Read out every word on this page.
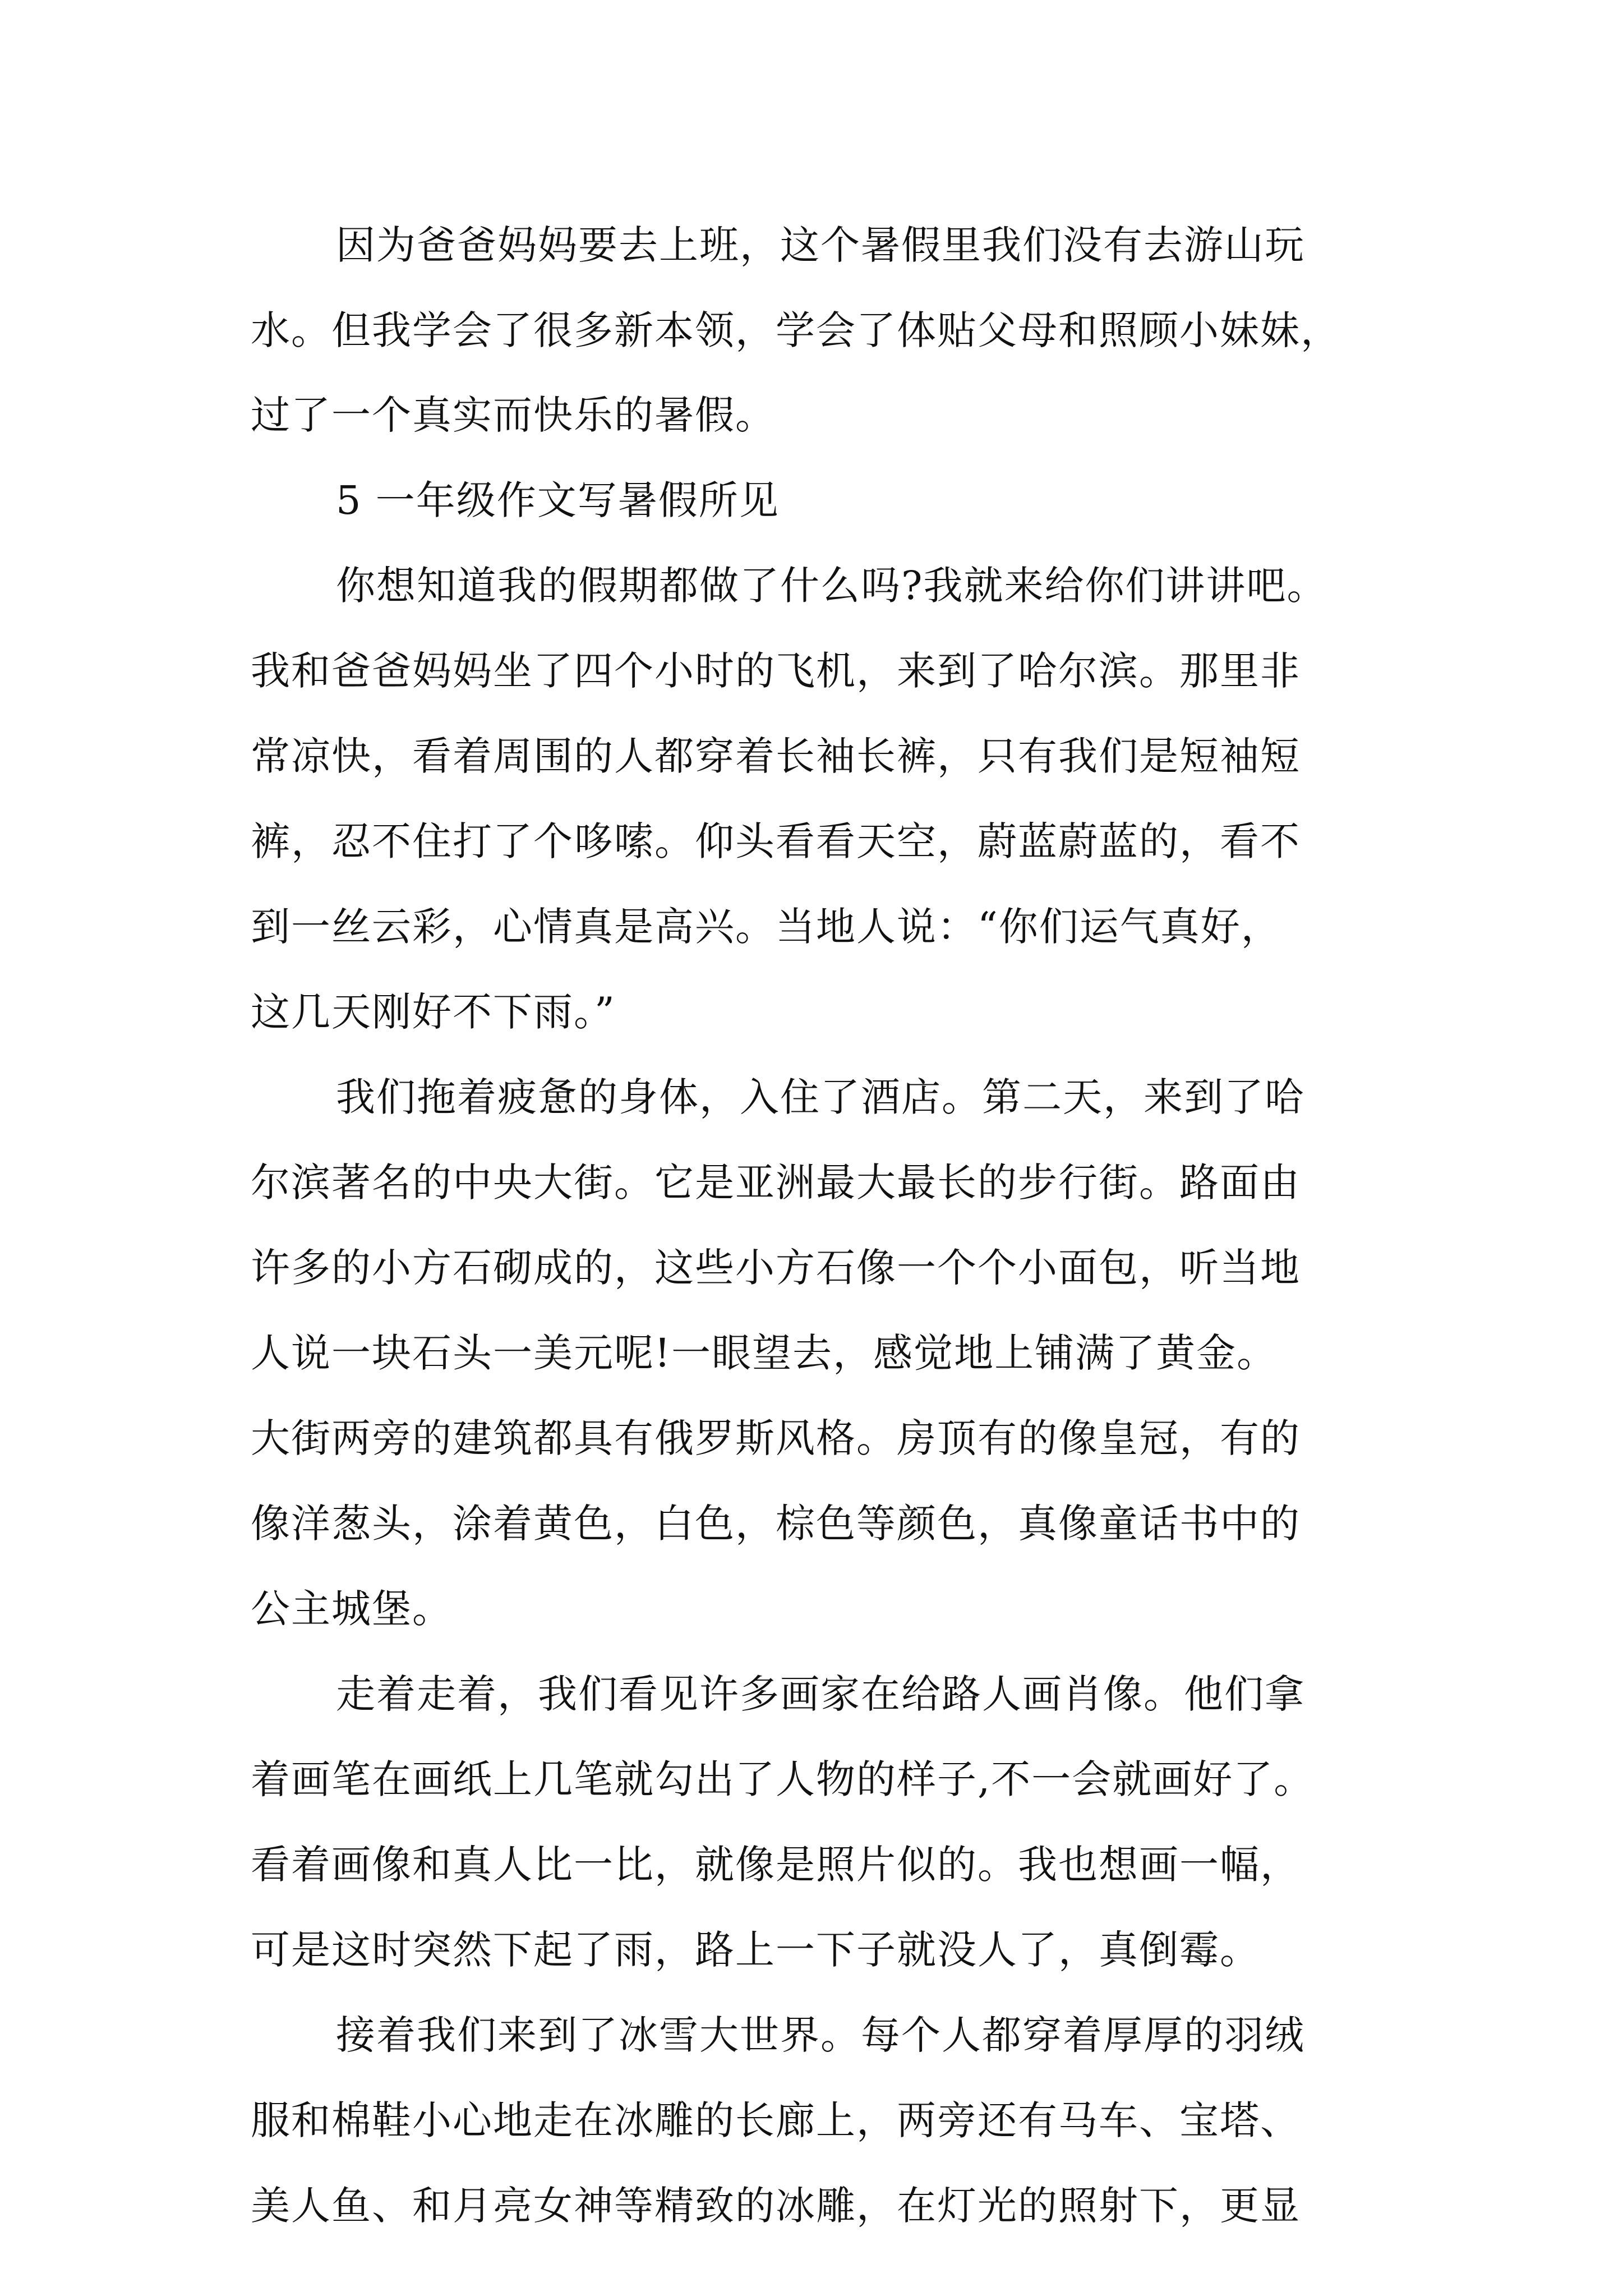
因为爸爸妈妈要去上班，这个暑假里我们没有去游山玩
水。但我学会了很多新本领，学会了体贴父母和照顾小妹妹，
过了一个真实而快乐的暑假。
5 一年级作文写暑假所见
你想知道我的假期都做了什么吗?我就来给你们讲讲吧。
我和爸爸妈妈坐了四个小时的飞机，来到了哈尔滨。那里非
常凉快，看着周围的人都穿着长袖长裤，只有我们是短袖短
裤，忍不住打了个哆嗦。仰头看看天空，蔚蓝蔚蓝的，看不
到一丝云彩，心情真是高兴。当地人说：“你们运气真好，
这几天刚好不下雨。”
我们拖着疲惫的身体，入住了酒店。第二天，来到了哈
尔滨著名的中央大街。它是亚洲最大最长的步行街。路面由
许多的小方石砌成的，这些小方石像一个个小面包，听当地
人说一块石头一美元呢!一眼望去，感觉地上铺满了黄金。
大街两旁的建筑都具有俄罗斯风格。房顶有的像皇冠，有的
像洋葱头，涂着黄色，白色，棕色等颜色，真像童话书中的
公主城堡。
走着走着，我们看见许多画家在给路人画肖像。他们拿
着画笔在画纸上几笔就勾出了人物的样子,不一会就画好了。
看着画像和真人比一比，就像是照片似的。我也想画一幅，
可是这时突然下起了雨，路上一下子就没人了，真倒霉。
接着我们来到了冰雪大世界。每个人都穿着厚厚的羽绒
服和棉鞋小心地走在冰雕的长廊上，两旁还有马车、宝塔、
美人鱼、和月亮女神等精致的冰雕，在灯光的照射下，更显
